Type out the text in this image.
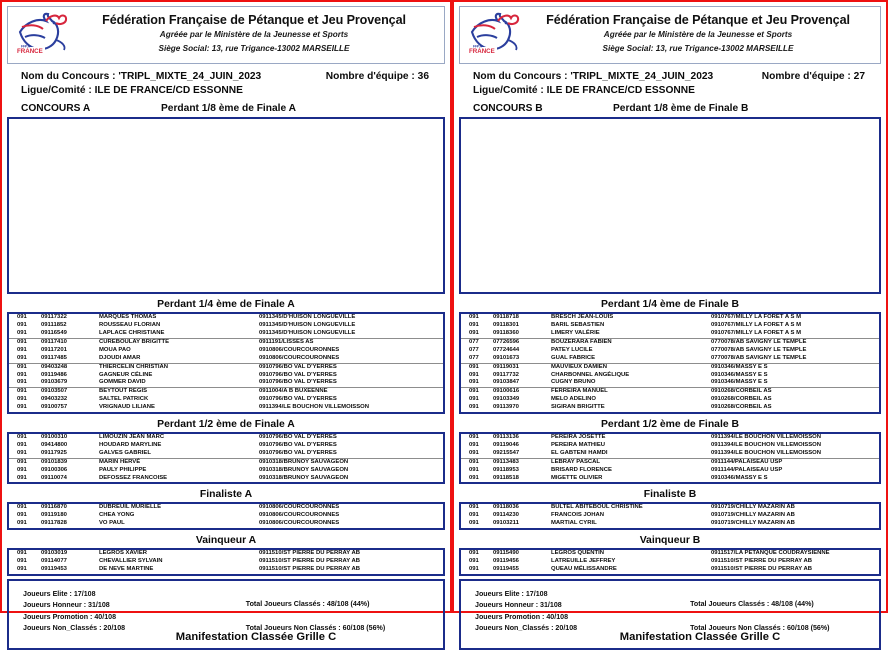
FRANCE
FFPJP
Fédération Française de Pétanque et Jeu Provençal
Agréée par le Ministère de la Jeunesse et Sports
Siège Social: 13, rue Trigance-13002 MARSEILLE
Nom du Concours : 'TRIPL_MIXTE_24_JUIN_2023	Nombre d'équipe : 36
Ligue/Comité : ILE DE FRANCE/CD ESSONNE
CONCOURS A	Perdant 1/8 ème de Finale A
Perdant 1/4 ème de Finale A
091	09117322	MARQUES THOMAS	0911345/D'HUISON LONGUEVILLE
091	09111852	ROUSSEAU FLORIAN	0911345/D'HUISON LONGUEVILLE
091	09116549	LAPLACE CHRISTIANE	0911345/D'HUISON LONGUEVILLE
091	09117410	CUREBOULAY BRIGITTE	0911191/LISSES AS
091	09117201	MOUA PAO	0910806/COURCOURONNES
091	09117485	DJOUDI AMAR	0910806/COURCOURONNES
091	09403248	THIERCELIN CHRISTIAN	0910796/BO VAL D'YERRES
091	09119486	GAGNEUR CÉLINE	0910796/BO VAL D'YERRES
091	09103679	GOMMER DAVID	0910796/BO VAL D'YERRES
091	09103507	BEYTOUT REGIS	0911004/A B BUXEENNE
091	09403232	SALTEL PATRICK	0910796/BO VAL D'YERRES
091	09100757	VRIGNAUD LILIANE	0911394/LE BOUCHON VILLEMOISSON
Perdant 1/2 ème de Finale A
091	09100310	LIMOUZIN JEAN MARC	0910796/BO VAL D'YERRES
091	09414800	HOUDARD MARYLINE	0910796/BO VAL D'YERRES
091	09117925	GALVES GABRIEL	0910796/BO VAL D'YERRES
091	09101839	MARIN HERVÉ	0910318/BRUNOY SAUVAGEON
091	09100306	PAULY PHILIPPE	0910318/BRUNOY SAUVAGEON
091	09110074	DEFOSSEZ FRANCOISE	0910318/BRUNOY SAUVAGEON
Finaliste A
091	09116870	DUBREUIL MURIELLE	0910806/COURCOURONNES
091	09119180	CHEA YONG	0910806/COURCOURONNES
091	09117828	VO PAUL	0910806/COURCOURONNES
Vainqueur A
091	09103019	LEGROS XAVIER	0911510/ST PIERRE DU PERRAY AB
091	09114077	CHEVALLIER SYLVAIN	0911510/ST PIERRE DU PERRAY AB
091	09119453	DE NEVE MARTINE	0911510/ST PIERRE DU PERRAY AB
Joueurs Elite : 17/108
Joueurs Honneur : 31/108
Joueurs Promotion : 40/108
Joueurs Non_Classés : 20/108
Total Joueurs Classés : 48/108 (44%)
Total Joueurs Non Classés : 60/108 (56%)
Manifestation Classée Grille C
FRANCE
FFPJP
Fédération Française de Pétanque et Jeu Provençal
Agréée par le Ministère de la Jeunesse et Sports
Siège Social: 13, rue Trigance-13002 MARSEILLE
Nom du Concours : 'TRIPL_MIXTE_24_JUIN_2023	Nombre d'équipe : 27
Ligue/Comité : ILE DE FRANCE/CD ESSONNE
CONCOURS B	Perdant 1/8 ème de Finale B
Perdant 1/4 ème de Finale B
091	09118718	BRESCH JEAN-LOUIS	0910767/MILLY LA FORET A S M
091	09118301	BARIL SEBASTIEN	0910767/MILLY LA FORET A S M
091	09118360	LIMERY VALÉRIE	0910767/MILLY LA FORET A S M
077	07726596	BOUZERARA FABIEN	0770078/AB SAVIGNY LE TEMPLE
077	07724644	PATEY LUCILE	0770078/AB SAVIGNY LE TEMPLE
077	09101673	GUAL FABRICE	0770078/AB SAVIGNY LE TEMPLE
091	09119031	MAUVIEUX DAMIEN	0910346/MASSY E S
091	09117732	CHARBONNEL ANGÉLIQUE	0910346/MASSY E S
091	09103847	CUGNY BRUNO	0910346/MASSY E S
091	09100616	FERREIRA MANUEL	0910268/CORBEIL AS
091	09103349	MELO ADELINO	0910268/CORBEIL AS
091	09113970	SIGIRAN BRIGITTE	0910268/CORBEIL AS
Perdant 1/2 ème de Finale B
091	09113136	PEREIRA JOSETTE	0911394/LE BOUCHON VILLEMOISSON
091	09119046	PEREIRA MATHIEU	0911394/LE BOUCHON VILLEMOISSON
091	09215547	EL GABTENI HAMDI	0911394/LE BOUCHON VILLEMOISSON
091	09113483	LEBRAY PASCAL	0911144/PALAISEAU USP
091	09118953	BRISARD FLORENCE	0911144/PALAISEAU USP
091	09118518	MIGETTE OLIVIER	0910346/MASSY E S
Finaliste B
091	09118036	BULTEL ABITEBOUL CHRISTINE	0910719/CHILLY MAZARIN AB
091	09114230	FRANCOIS JOHAN	0910719/CHILLY MAZARIN AB
091	09103211	MARTIAL CYRIL	0910719/CHILLY MAZARIN AB
Vainqueur B
091	09115490	LEGROS QUENTIN	0911517/LA PETANQUE COUDRAYSIENNE
091	09119456	LATREUILLE JEFFREY	0911510/ST PIERRE DU PERRAY AB
091	09119455	QUEAU MÉLISSANDRE	0911510/ST PIERRE DU PERRAY AB
Joueurs Elite : 17/108
Joueurs Honneur : 31/108
Joueurs Promotion : 40/108
Joueurs Non_Classés : 20/108
Total Joueurs Classés : 48/108 (44%)
Total Joueurs Non Classés : 60/108 (56%)
Manifestation Classée Grille C
